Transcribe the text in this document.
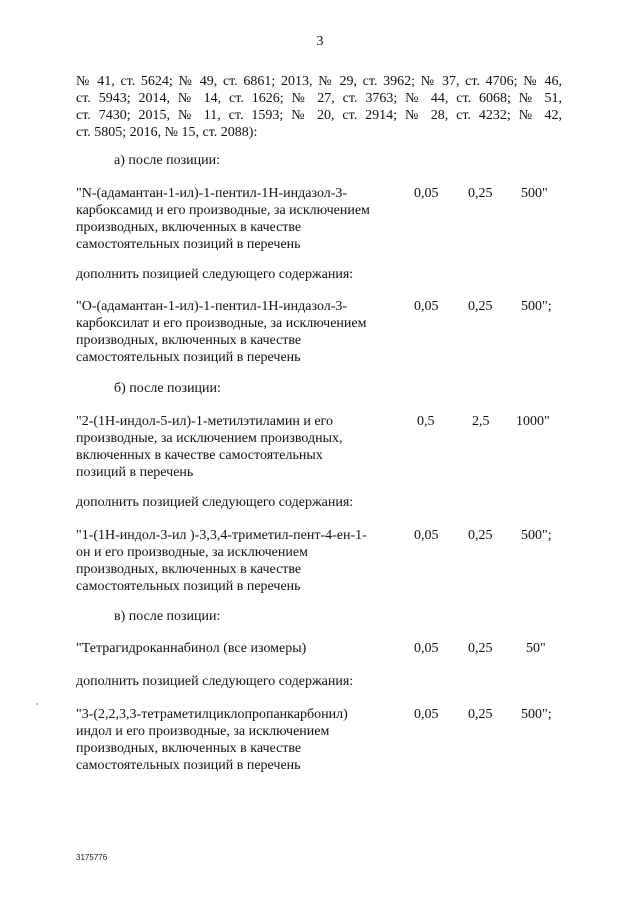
3
№ 41, ст. 5624; № 49, ст. 6861; 2013, № 29, ст. 3962; № 37, ст. 4706; № 46,
ст. 5943; 2014, № 14, ст. 1626; № 27, ст. 3763; № 44, ст. 6068; № 51,
ст. 7430; 2015, № 11, ст. 1593; № 20, ст. 2914; № 28, ст. 4232; № 42,
ст. 5805; 2016, № 15, ст. 2088):
а) после позиции:
"N-(адамантан-1-ил)-1-пентил-1Н-индазол-3-
карбоксамид и его производные, за исключением
производных, включенных в качестве
самостоятельных позиций в перечень
0,05 0,25 500"
дополнить позицией следующего содержания:
"О-(адамантан-1-ил)-1-пентил-1Н-индазол-3-
карбоксилат и его производные, за исключением
производных, включенных в качестве
самостоятельных позиций в перечень
0,05 0,25 500";
б) после позиции:
"2-(1Н-индол-5-ил)-1-метилэтиламин и его
производные, за исключением производных,
включенных в качестве самостоятельных
позиций в перечень
0,5	2,5 1000"
дополнить позицией следующего содержания:
"1-(1Н-индол-3-ил )-3,3,4-триметил-пент-4-ен-1-
он и его производные, за исключением
производных, включенных в качестве
самостоятельных позиций в перечень
0,05 0,25 500";
в) после позиции:
"Тетрагидроканнабинол (все изомеры)	0,05 0,25 50"
дополнить позицией следующего содержания:
"3-(2,2,3,3-тетраметилциклопропанкарбонил)
индол и его производные, за исключением
производных, включенных в качестве
самостоятельных позиций в перечень
0,05 0,25 500";
3175776
